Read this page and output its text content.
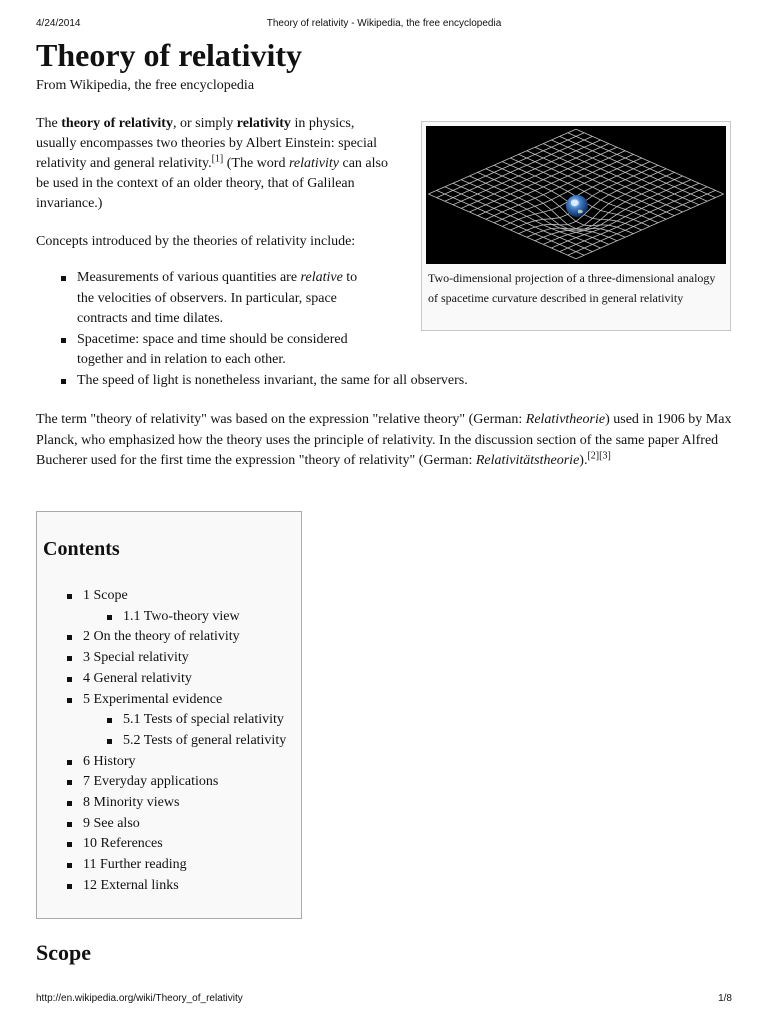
4/24/2014	Theory of relativity - Wikipedia, the free encyclopedia
Theory of relativity
From Wikipedia, the free encyclopedia

The theory of relativity, or simply relativity in physics, usually encompasses two theories by Albert Einstein: special relativity and general relativity.[1] (The word relativity can also be used in the context of an older theory, that of Galilean invariance.)

Concepts introduced by the theories of relativity include:

Measurements of various quantities are relative to the velocities of observers. In particular, space contracts and time dilates.
Spacetime: space and time should be considered together and in relation to each other.
The speed of light is nonetheless invariant, the same for all observers.
Two-dimensional projection of a three-dimensional analogy of spacetime curvature described in general relativity

The term "theory of relativity" was based on the expression "relative theory" (German: Relativtheorie) used in 1906 by Max Planck, who emphasized how the theory uses the principle of relativity. In the discussion section of the same paper Alfred Bucherer used for the first time the expression "theory of relativity" (German: Relativitätstheorie).[2][3]

Contents
1 Scope
1.1 Two-theory view
2 On the theory of relativity
3 Special relativity
4 General relativity
5 Experimental evidence
5.1 Tests of special relativity
5.2 Tests of general relativity
6 History
7 Everyday applications
8 Minority views
9 See also
10 References
11 Further reading
12 External links
Scope
http://en.wikipedia.org/wiki/Theory_of_relativity	1/8
